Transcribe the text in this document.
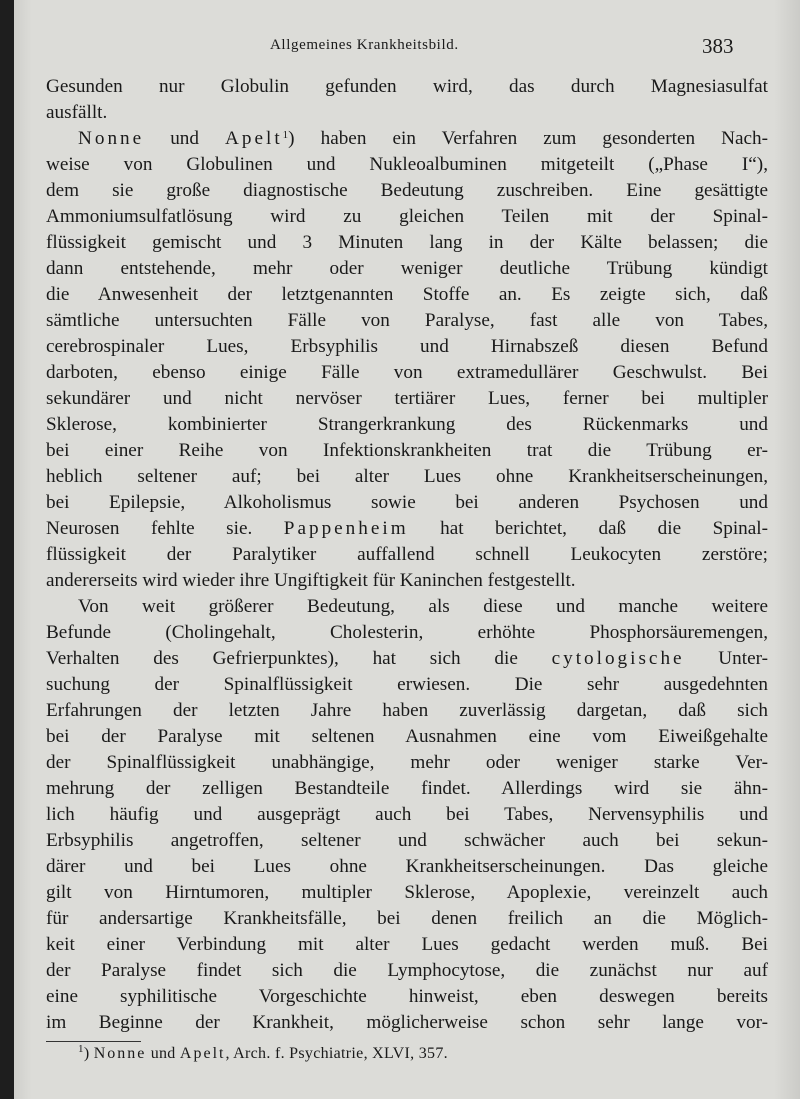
Allgemeines Krankheitsbild.	383
Gesunden nur Globulin gefunden wird, das durch Magnesiasulfat
ausfällt.
Nonne und Apelt$^1$) haben ein Verfahren zum gesonderten Nach-
weise von Globulinen und Nukleoalbuminen mitgeteilt („Phase I“),
dem sie große diagnostische Bedeutung zuschreiben. Eine gesättigte
Ammoniumsulfatlösung wird zu gleichen Teilen mit der Spinal-
flüssigkeit gemischt und 3 Minuten lang in der Kälte belassen; die
dann entstehende, mehr oder weniger deutliche Trübung kündigt
die Anwesenheit der letztgenannten Stoffe an. Es zeigte sich, daß
sämtliche untersuchten Fälle von Paralyse, fast alle von Tabes,
cerebrospinaler Lues, Erbsyphilis und Hirnabszeß diesen Befund
darboten, ebenso einige Fälle von extramedullärer Geschwulst. Bei
sekundärer und nicht nervöser tertiärer Lues, ferner bei multipler
Sklerose, kombinierter Strangerkrankung des Rückenmarks und
bei einer Reihe von Infektionskrankheiten trat die Trübung er-
heblich seltener auf; bei alter Lues ohne Krankheitserscheinungen,
bei Epilepsie, Alkoholismus sowie bei anderen Psychosen und
Neurosen fehlte sie. Pappenheim hat berichtet, daß die Spinal-
flüssigkeit der Paralytiker auffallend schnell Leukocyten zerstöre;
andererseits wird wieder ihre Ungiftigkeit für Kaninchen festgestellt.
Von weit größerer Bedeutung, als diese und manche weitere
Befunde (Cholingehalt, Cholesterin, erhöhte Phosphorsäuremengen,
Verhalten des Gefrierpunktes), hat sich die cytologische Unter-
suchung der Spinalflüssigkeit erwiesen. Die sehr ausgedehnten
Erfahrungen der letzten Jahre haben zuverlässig dargetan, daß sich
bei der Paralyse mit seltenen Ausnahmen eine vom Eiweißgehalte
der Spinalflüssigkeit unabhängige, mehr oder weniger starke Ver-
mehrung der zelligen Bestandteile findet. Allerdings wird sie ähn-
lich häufig und ausgeprägt auch bei Tabes, Nervensyphilis und
Erbsyphilis angetroffen, seltener und schwächer auch bei sekun-
därer und bei Lues ohne Krankheitserscheinungen. Das gleiche
gilt von Hirntumoren, multipler Sklerose, Apoplexie, vereinzelt auch
für andersartige Krankheitsfälle, bei denen freilich an die Möglich-
keit einer Verbindung mit alter Lues gedacht werden muß. Bei
der Paralyse findet sich die Lymphocytose, die zunächst nur auf
eine syphilitische Vorgeschichte hinweist, eben deswegen bereits
im Beginne der Krankheit, möglicherweise schon sehr lange vor-
$^1$) Nonne und Apelt, Arch. f. Psychiatrie, XLVI, 357.
